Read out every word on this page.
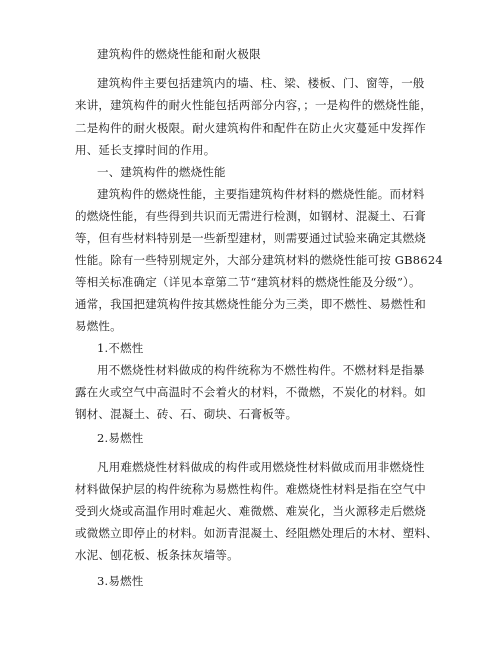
建筑构件的燃烧性能和耐火极限
建筑构件主要包括建筑内的墙、柱、梁、楼板、门、窗等，一般
来讲，建筑构件的耐火性能包括两部分内容，；一是构件的燃烧性能，
二是构件的耐火极限。耐火建筑构件和配件在防止火灾蔓延中发挥作
用、延长支撑时间的作用。
一、建筑构件的燃烧性能
建筑构件的燃烧性能，主要指建筑构件材料的燃烧性能。而材料
的燃烧性能，有些得到共识而无需进行检测，如钢材、混凝土、石膏
等，但有些材料特别是一些新型建材，则需要通过试验来确定其燃烧
性能。除有一些特别规定外，大部分建筑材料的燃烧性能可按 GB8624
等相关标准确定（详见本章第二节“建筑材料的燃烧性能及分级”）。
通常，我国把建筑构件按其燃烧性能分为三类，即不燃性、易燃性和
易燃性。
1.不燃性
用不燃烧性材料做成的构件统称为不燃性构件。不燃材料是指暴
露在火或空气中高温时不会着火的材料，不微燃，不炭化的材料。如
钢材、混凝土、砖、石、砌块、石膏板等。
2.易燃性
凡用难燃烧性材料做成的构件或用燃烧性材料做成而用非燃烧性
材料做保护层的构件统称为易燃性构件。难燃烧性材料是指在空气中
受到火烧或高温作用时难起火、难微燃、难炭化，当火源移走后燃烧
或微燃立即停止的材料。如沥青混凝土、经阻燃处理后的木材、塑料、
水泥、刨花板、板条抹灰墙等。
3.易燃性
